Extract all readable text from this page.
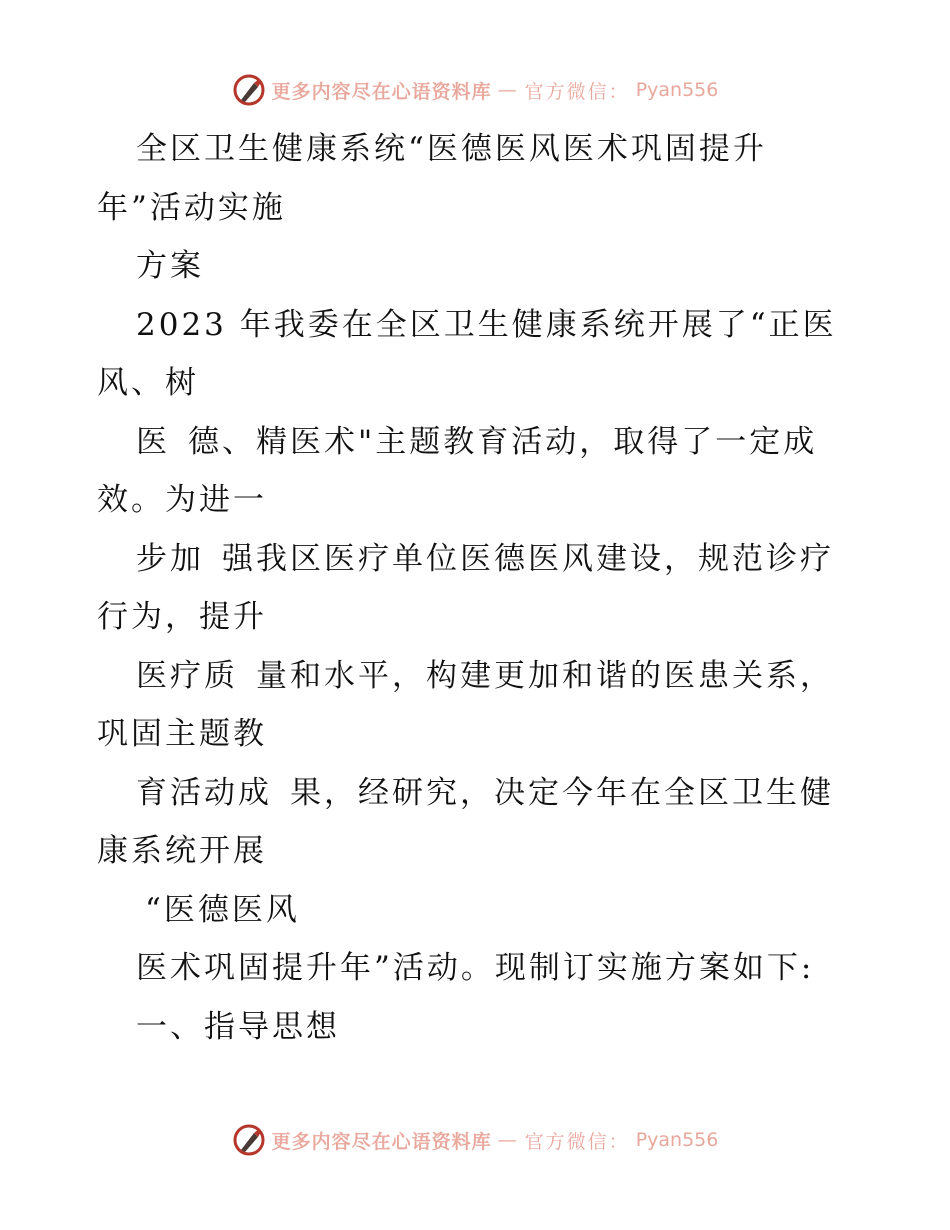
更多内容尽在心语资料库 — 官方微信： Pyan556
全区卫生健康系统“医德医风医术巩固提升
年”活动实施
方案
2023 年我委在全区卫生健康系统开展了“正医
风、树
医 德、精医术"主题教育活动，取得了一定成
效。为进一
步加 强我区医疗单位医德医风建设，规范诊疗
行为，提升
医疗质 量和水平，构建更加和谐的医患关系，
巩固主题教
育活动成 果，经研究，决定今年在全区卫生健
康系统开展
“医德医风
医术巩固提升年”活动。现制订实施方案如下:
一、指导思想
更多内容尽在心语资料库 — 官方微信： Pyan556
